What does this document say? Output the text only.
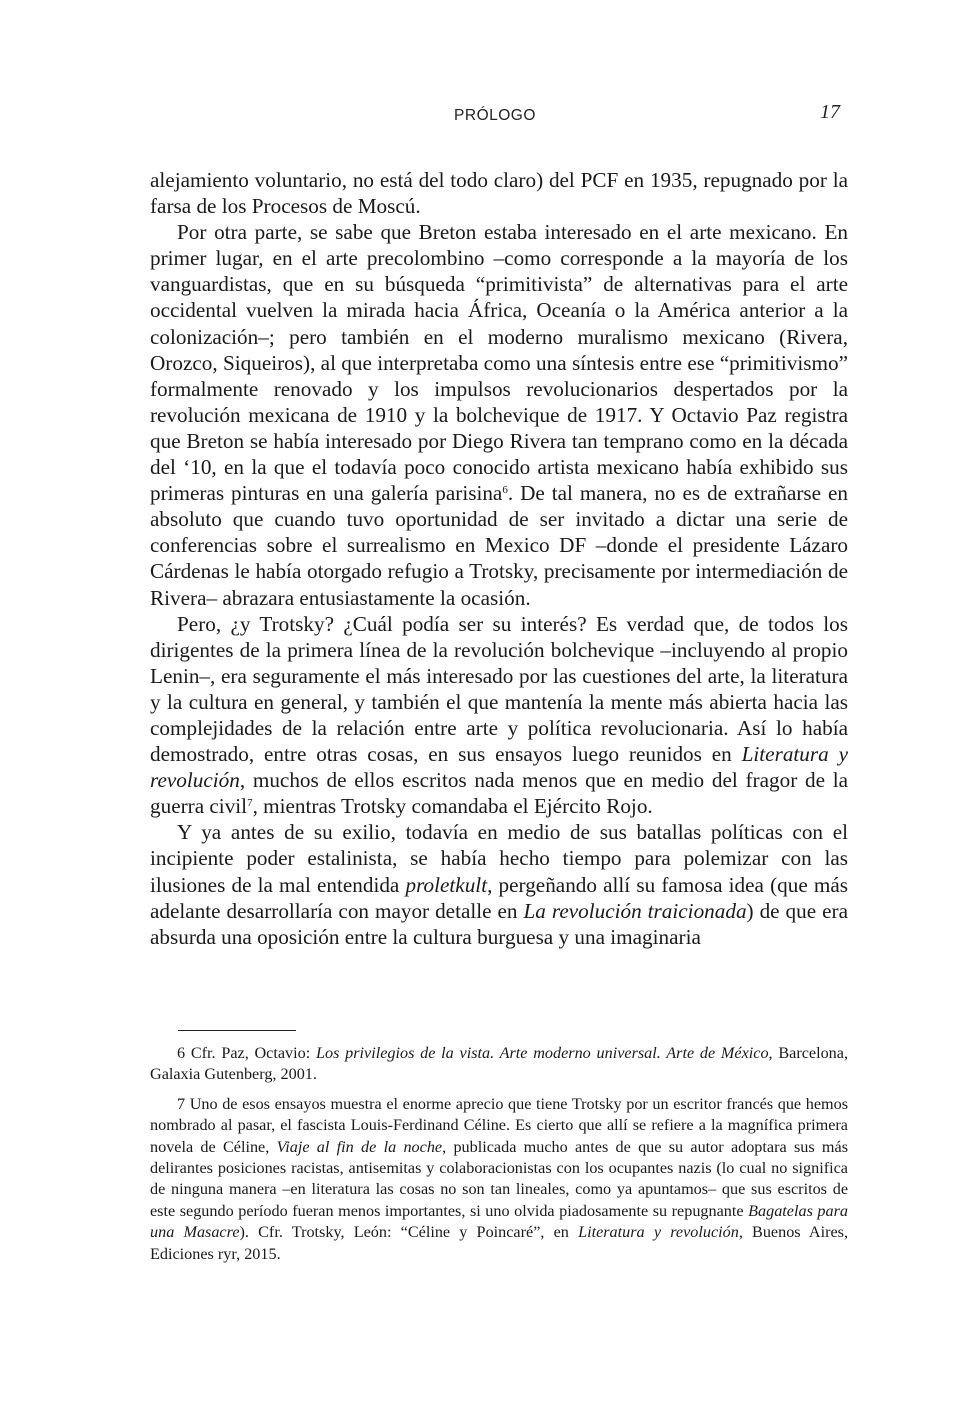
PRÓLOGO	17

alejamiento voluntario, no está del todo claro) del PCF en 1935, repugnado por la farsa de los Procesos de Moscú.

Por otra parte, se sabe que Breton estaba interesado en el arte mexicano. En primer lugar, en el arte precolombino –como corresponde a la mayoría de los vanguardistas, que en su búsqueda “primitivista” de alternativas para el arte occidental vuelven la mirada hacia África, Oceanía o la América anterior a la colonización–; pero también en el moderno muralismo mexicano (Rivera, Orozco, Siqueiros), al que interpretaba como una síntesis entre ese “primitivismo” formalmente renovado y los impulsos revolucionarios despertados por la revolución mexicana de 1910 y la bolchevique de 1917. Y Octavio Paz registra que Breton se había interesado por Diego Rivera tan temprano como en la década del ‘10, en la que el todavía poco conocido artista mexicano había exhibido sus primeras pinturas en una galería parisina$^6$. De tal manera, no es de extrañarse en absoluto que cuando tuvo oportunidad de ser invitado a dictar una serie de conferencias sobre el surrealismo en Mexico DF –donde el presidente Lázaro Cárdenas le había otorgado refugio a Trotsky, precisamente por intermediación de Rivera– abrazara entusiastamente la ocasión.

Pero, ¿y Trotsky? ¿Cuál podía ser su interés? Es verdad que, de todos los dirigentes de la primera línea de la revolución bolchevique –incluyendo al propio Lenin–, era seguramente el más interesado por las cuestiones del arte, la literatura y la cultura en general, y también el que mantenía la mente más abierta hacia las complejidades de la relación entre arte y política revolucionaria. Así lo había demostrado, entre otras cosas, en sus ensayos luego reunidos en Literatura y revolución, muchos de ellos escritos nada menos que en medio del fragor de la guerra civil$^7$, mientras Trotsky comandaba el Ejército Rojo.

Y ya antes de su exilio, todavía en medio de sus batallas políticas con el incipiente poder estalinista, se había hecho tiempo para polemizar con las ilusiones de la mal entendida proletkult, pergeñando allí su famosa idea (que más adelante desarrollaría con mayor detalle en La revolución traicionada) de que era absurda una oposición entre la cultura burguesa y una imaginaria

6 Cfr. Paz, Octavio: Los privilegios de la vista. Arte moderno universal. Arte de México, Barcelona, Galaxia Gutenberg, 2001.

7 Uno de esos ensayos muestra el enorme aprecio que tiene Trotsky por un escritor francés que hemos nombrado al pasar, el fascista Louis-Ferdinand Céline. Es cierto que allí se refiere a la magnífica primera novela de Céline, Viaje al fin de la noche, publicada mucho antes de que su autor adoptara sus más delirantes posiciones racistas, antisemitas y colaboracionistas con los ocupantes nazis (lo cual no significa de ninguna manera –en literatura las cosas no son tan lineales, como ya apuntamos– que sus escritos de este segundo período fueran menos importantes, si uno olvida piadosamente su repugnante Bagatelas para una Masacre). Cfr. Trotsky, León: “Céline y Poincaré”, en Literatura y revolución, Buenos Aires, Ediciones ryr, 2015.
